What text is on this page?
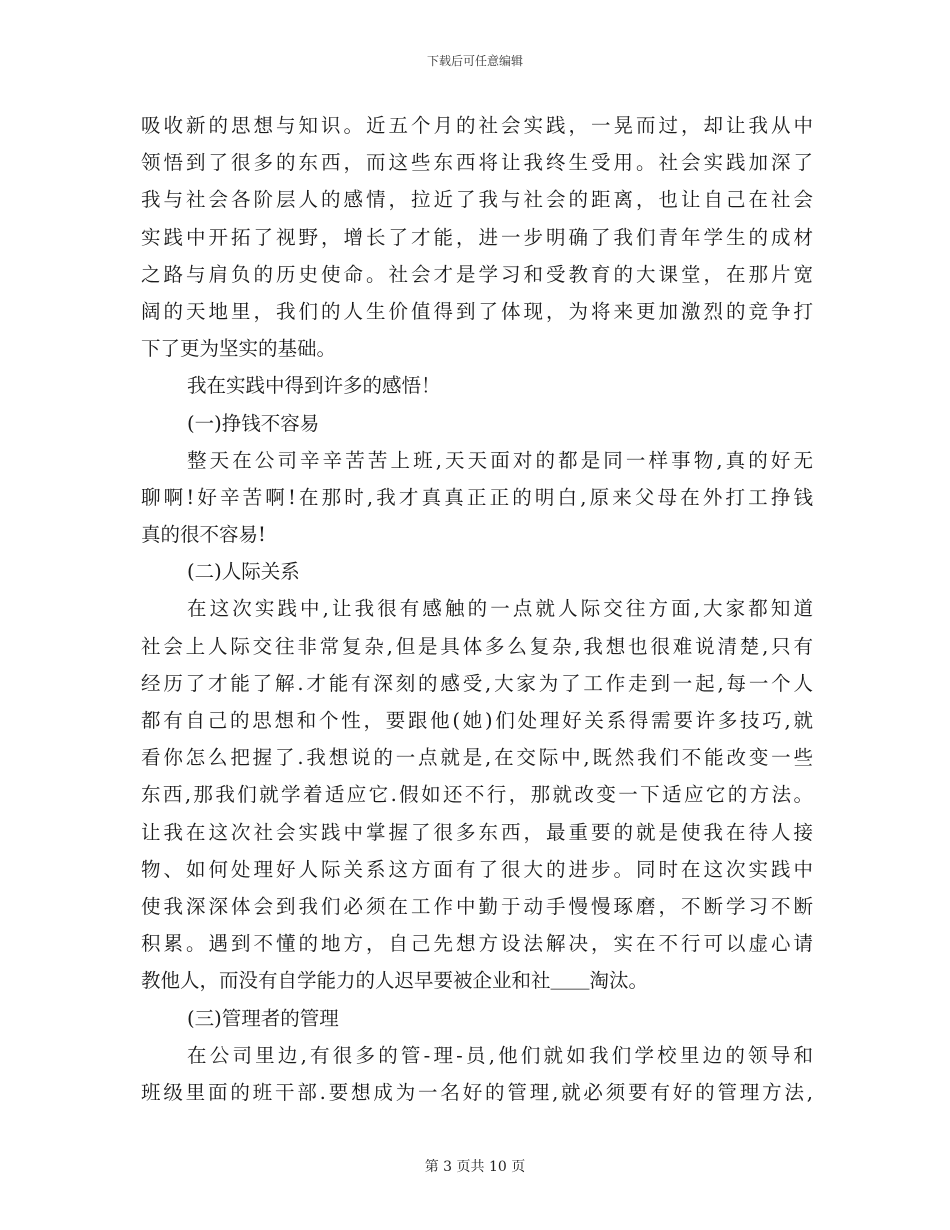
下载后可任意编辑
吸收新的思想与知识。近五个月的社会实践，一晃而过，却让我从中
领悟到了很多的东西，而这些东西将让我终生受用。社会实践加深了
我与社会各阶层人的感情，拉近了我与社会的距离，也让自己在社会
实践中开拓了视野，增长了才能，进一步明确了我们青年学生的成材
之路与肩负的历史使命。社会才是学习和受教育的大课堂，在那片宽
阔的天地里，我们的人生价值得到了体现，为将来更加激烈的竞争打
下了更为坚实的基础。
我在实践中得到许多的感悟！
(一)挣钱不容易
整天在公司辛辛苦苦上班,天天面对的都是同一样事物,真的好无
聊啊!好辛苦啊!在那时,我才真真正正的明白,原来父母在外打工挣钱
真的很不容易!
(二)人际关系
在这次实践中,让我很有感触的一点就人际交往方面,大家都知道
社会上人际交往非常复杂,但是具体多么复杂,我想也很难说清楚,只有
经历了才能了解.才能有深刻的感受,大家为了工作走到一起,每一个人
都有自己的思想和个性，要跟他(她)们处理好关系得需要许多技巧,就
看你怎么把握了.我想说的一点就是,在交际中,既然我们不能改变一些
东西,那我们就学着适应它.假如还不行，那就改变一下适应它的方法。
让我在这次社会实践中掌握了很多东西，最重要的就是使我在待人接
物、如何处理好人际关系这方面有了很大的进步。同时在这次实践中
使我深深体会到我们必须在工作中勤于动手慢慢琢磨，不断学习不断
积累。遇到不懂的地方，自己先想方设法解决，实在不行可以虚心请
教他人，而没有自学能力的人迟早要被企业和社＿＿淘汰。
(三)管理者的管理
在公司里边,有很多的管-理-员,他们就如我们学校里边的领导和
班级里面的班干部.要想成为一名好的管理,就必须要有好的管理方法,
第 3 页共 10 页
